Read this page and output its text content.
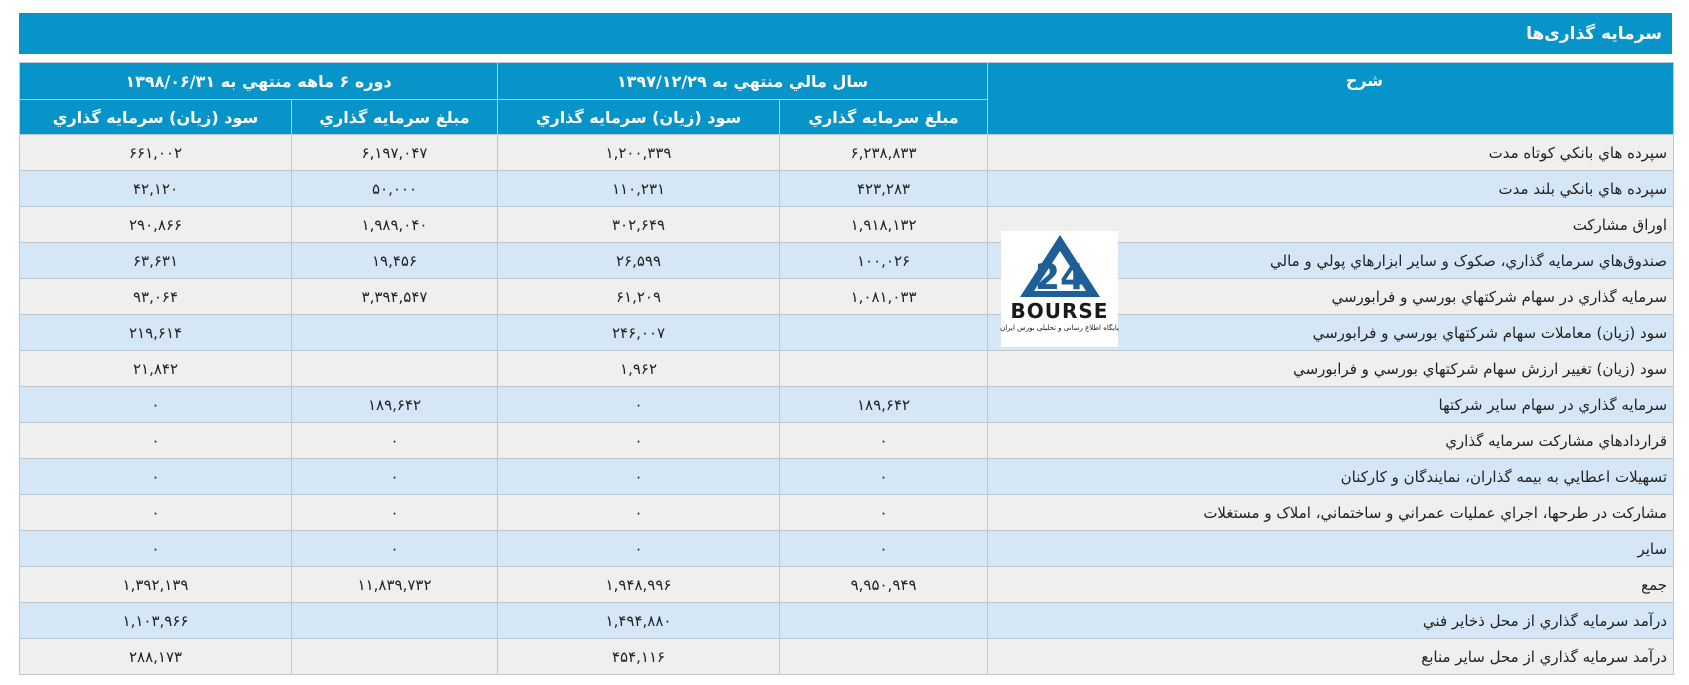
سرمایه گذاری‌ها
شرح	سال مالي منتهي به ۱۳۹۷/۱۲/۲۹		دوره ۶ ماهه منتهي به ۱۳۹۸/۰۶/۳۱	
	مبلغ سرمايه گذاري	سود (زيان) سرمايه گذاري	مبلغ سرمايه گذاري	سود (زيان) سرمايه گذاري
سپرده هاي بانکي کوتاه مدت	۶,۲۳۸,۸۳۳	۱,۲۰۰,۳۳۹	۶,۱۹۷,۰۴۷	۶۶۱,۰۰۲
سپرده هاي بانکي بلند مدت	۴۲۳,۲۸۳	۱۱۰,۲۳۱	۵۰,۰۰۰	۴۲,۱۲۰
اوراق مشارکت	۱,۹۱۸,۱۳۲	۳۰۲,۶۴۹	۱,۹۸۹,۰۴۰	۲۹۰,۸۶۶
صندوق‌هاي سرمايه گذاري، صکوک و ساير ابزارهاي پولي و مالي	۱۰۰,۰۲۶	۲۶,۵۹۹	۱۹,۴۵۶	۶۳,۶۳۱
سرمايه گذاري در سهام شرکتهاي بورسي و فرابورسي	۱,۰۸۱,۰۳۳	۶۱,۲۰۹	۳,۳۹۴,۵۴۷	۹۳,۰۶۴
سود (زيان) معاملات سهام شرکتهاي بورسي و فرابورسي		۲۴۶,۰۰۷		۲۱۹,۶۱۴
سود (زيان) تغيير ارزش سهام شرکتهاي بورسي و فرابورسي		۱,۹۶۲		۲۱,۸۴۲
سرمايه گذاري در سهام ساير شرکتها	۱۸۹,۶۴۲	۰	۱۸۹,۶۴۲	۰
قراردادهاي مشارکت سرمايه گذاري	۰	۰	۰	۰
تسهيلات اعطايي به بيمه گذاران، نمايندگان و کارکنان	۰	۰	۰	۰
مشارکت در طرحها، اجراي عمليات عمراني و ساختماني، املاک و مستغلات	۰	۰	۰	۰
ساير	۰	۰	۰	۰
جمع	۹,۹۵۰,۹۴۹	۱,۹۴۸,۹۹۶	۱۱,۸۳۹,۷۳۲	۱,۳۹۲,۱۳۹
درآمد سرمايه گذاري از محل ذخاير فني		۱,۴۹۴,۸۸۰		۱,۱۰۳,۹۶۶
درآمد سرمايه گذاري از محل ساير منابع		۴۵۴,۱۱۶		۲۸۸,۱۷۳
24
BOURSE
پایگاه اطلاع رسانی و تحلیلی بورس ایران
